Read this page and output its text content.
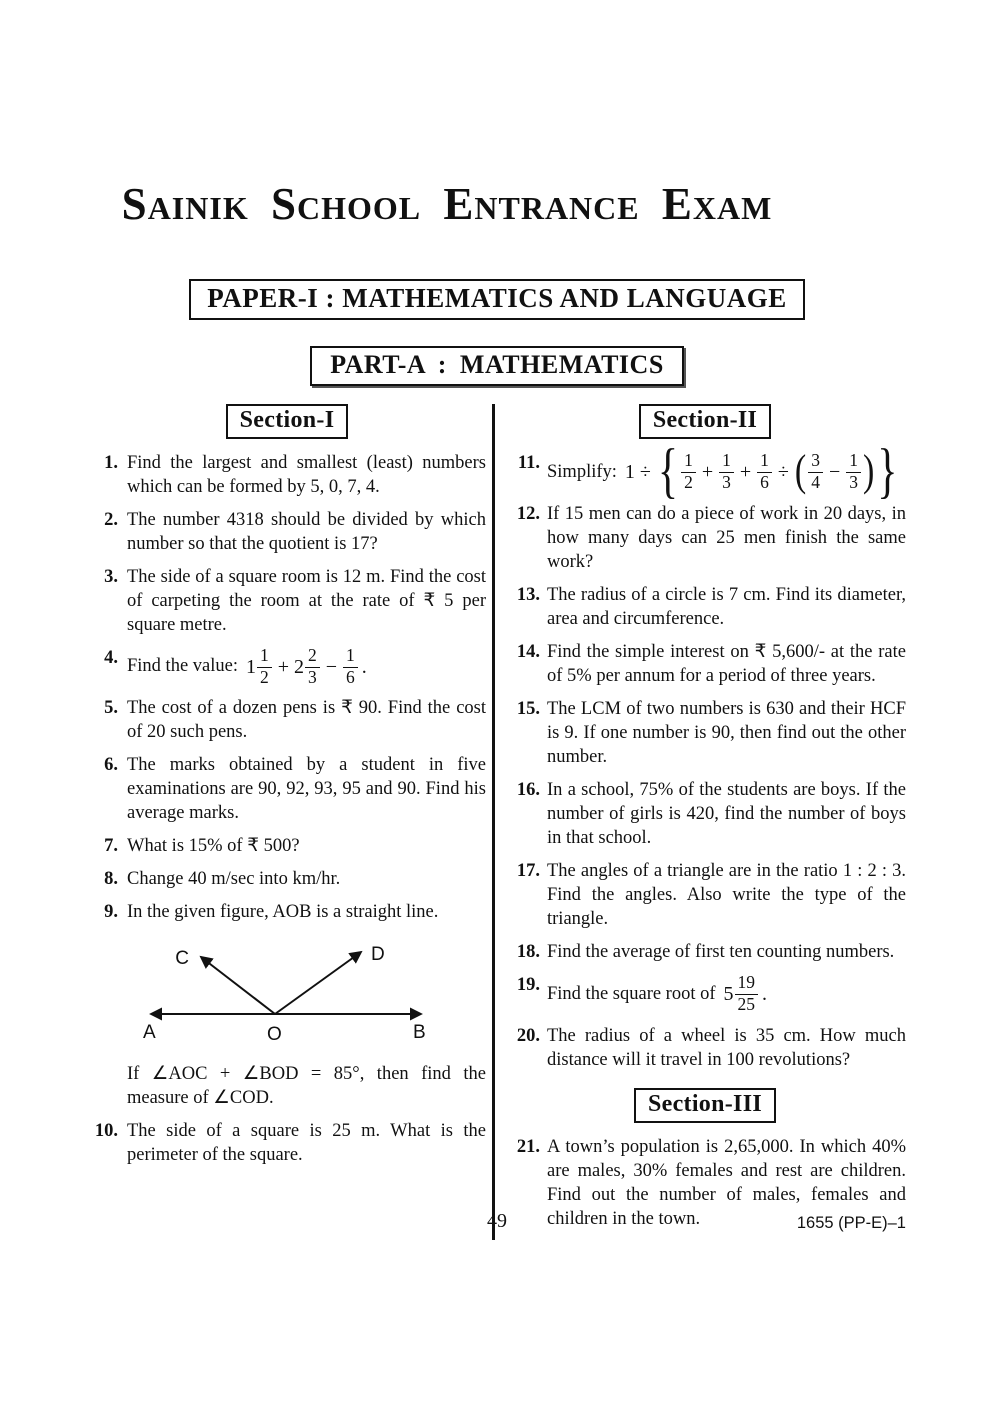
Sainik School Entrance Exam
PAPER-I : MATHEMATICS AND LANGUAGE
PART-A : MATHEMATICS
Section-I
1. Find the largest and smallest (least) numbers which can be formed by 5, 0, 7, 4.
2. The number 4318 should be divided by which number so that the quotient is 17?
3. The side of a square room is 12 m. Find the cost of carpeting the room at the rate of ₹ 5 per square metre.
4. Find the value: $1 \frac{1}{2} + 2 \frac{2}{3} - \frac{1}{6}$ .
5. The cost of a dozen pens is ₹ 90. Find the cost of 20 such pens.
6. The marks obtained by a student in five examinations are 90, 92, 93, 95 and 90. Find his average marks.
7. What is 15% of ₹ 500?
8. Change 40 m/sec into km/hr.
9. In the given figure, AOB is a straight line.
C	D
A	O	B
If ∠AOC + ∠BOD = 85°, then find the measure of ∠COD.
10. The side of a square is 25 m. What is the perimeter of the square.
Section-II
11. Simplify: 1 ÷ { $\frac{1}{2} + \frac{1}{3} + \frac{1}{6}$ ÷ ( $\frac{3}{4} - \frac{1}{3}$ ) }
12. If 15 men can do a piece of work in 20 days, in how many days can 25 men finish the same work?
13. The radius of a circle is 7 cm. Find its diameter, area and circumference.
14. Find the simple interest on ₹ 5,600/- at the rate of 5% per annum for a period of three years.
15. The LCM of two numbers is 630 and their HCF is 9. If one number is 90, then find out the other number.
16. In a school, 75% of the students are boys. If the number of girls is 420, find the number of boys in that school.
17. The angles of a triangle are in the ratio 1 : 2 : 3. Find the angles. Also write the type of the triangle.
18. Find the average of first ten counting numbers.
19. Find the square root of $5 \frac{19}{25}$ .
20. The radius of a wheel is 35 cm. How much distance will it travel in 100 revolutions?
Section-III
21. A town’s population is 2,65,000. In which 40% are males, 30% females and rest are children. Find out the number of males, females and children in the town.
49	1655 (PP-E)–1
